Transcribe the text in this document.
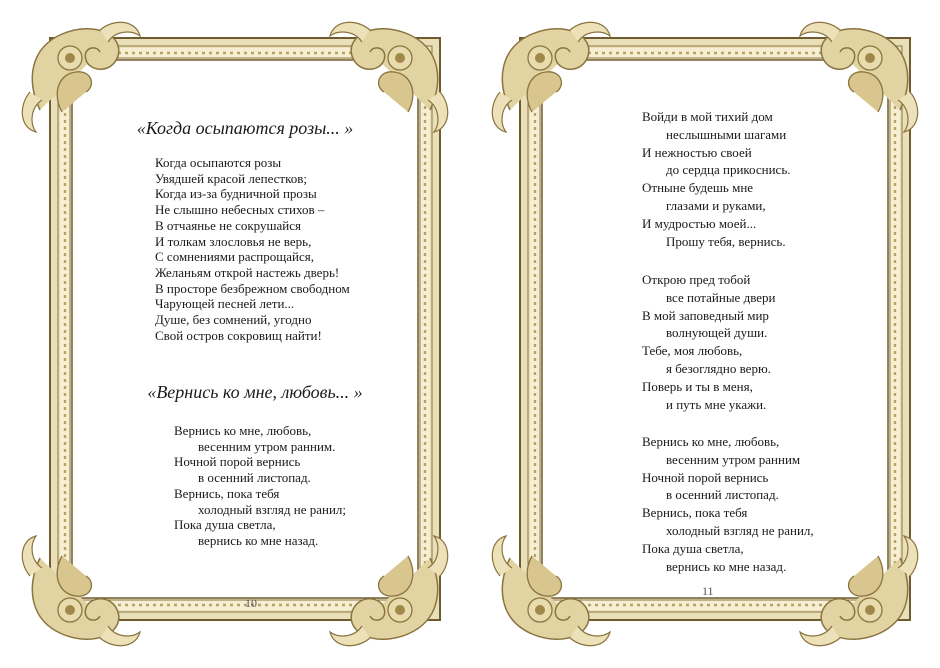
«Когда осыпаются розы... »
Когда осыпаются розы
Увядшей красой лепестков;
Когда из-за будничной прозы
Не слышно небесных стихов –
В отчаянье не сокрушайся
И толкам злословья не верь,
С сомнениями распрощайся,
Желаньям открой настежь дверь!
В просторе безбрежном свободном
Чарующей песней лети...
Душе, без сомнений, угодно
Свой остров сокровищ найти!
«Вернись ко мне, любовь... »
Вернись ко мне, любовь,
весенним утром ранним.
Ночной порой вернись
в осенний листопад.
Вернись, пока тебя
холодный взгляд не ранил;
Пока душа светла,
вернись ко мне назад.
10
Войди в мой тихий дом
неслышными шагами
И нежностью своей
до сердца прикоснись.
Отныне будешь мне
глазами и руками,
И мудростью моей...
Прошу тебя, вернись.
Открою пред тобой
все потайные двери
В мой заповедный мир
волнующей души.
Тебе, моя любовь,
я безоглядно верю.
Поверь и ты в меня,
и путь мне укажи.
Вернись ко мне, любовь,
весенним утром ранним
Ночной порой вернись
в осенний листопад.
Вернись, пока тебя
холодный взгляд не ранил,
Пока душа светла,
вернись ко мне назад.
11
